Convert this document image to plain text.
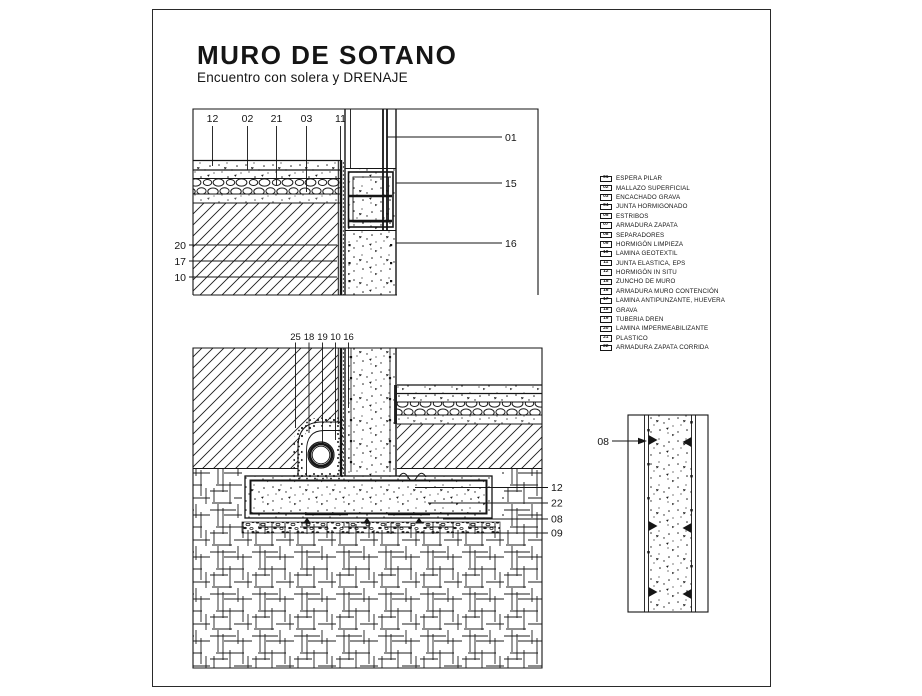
12 02 21 03 11
01
15
16
20
17
10
25 18 19 10 16
12
22
08
09
08
MURO DE SOTANO
Encuentro con solera y DRENAJE
01	ESPERA PILAR
02	MALLAZO SUPERFICIAL
03	ENCACHADO GRAVA
04	JUNTA HORMIGONADO
05	ESTRIBOS
07	ARMADURA ZAPATA
08	SEPARADORES
09	HORMIGÓN LIMPIEZA
10	LAMINA GEOTEXTIL
11	JUNTA ELASTICA, EPS
12	HORMIGÓN IN SITU
15	ZUNCHO DE MURO
16	ARMADURA MURO CONTENCIÓN
17	LAMINA ANTIPUNZANTE, HUEVERA
18	GRAVA
19	TUBERIA DREN
20	LAMINA IMPERMEABILIZANTE
21	PLASTICO
22	ARMADURA ZAPATA CORRIDA
